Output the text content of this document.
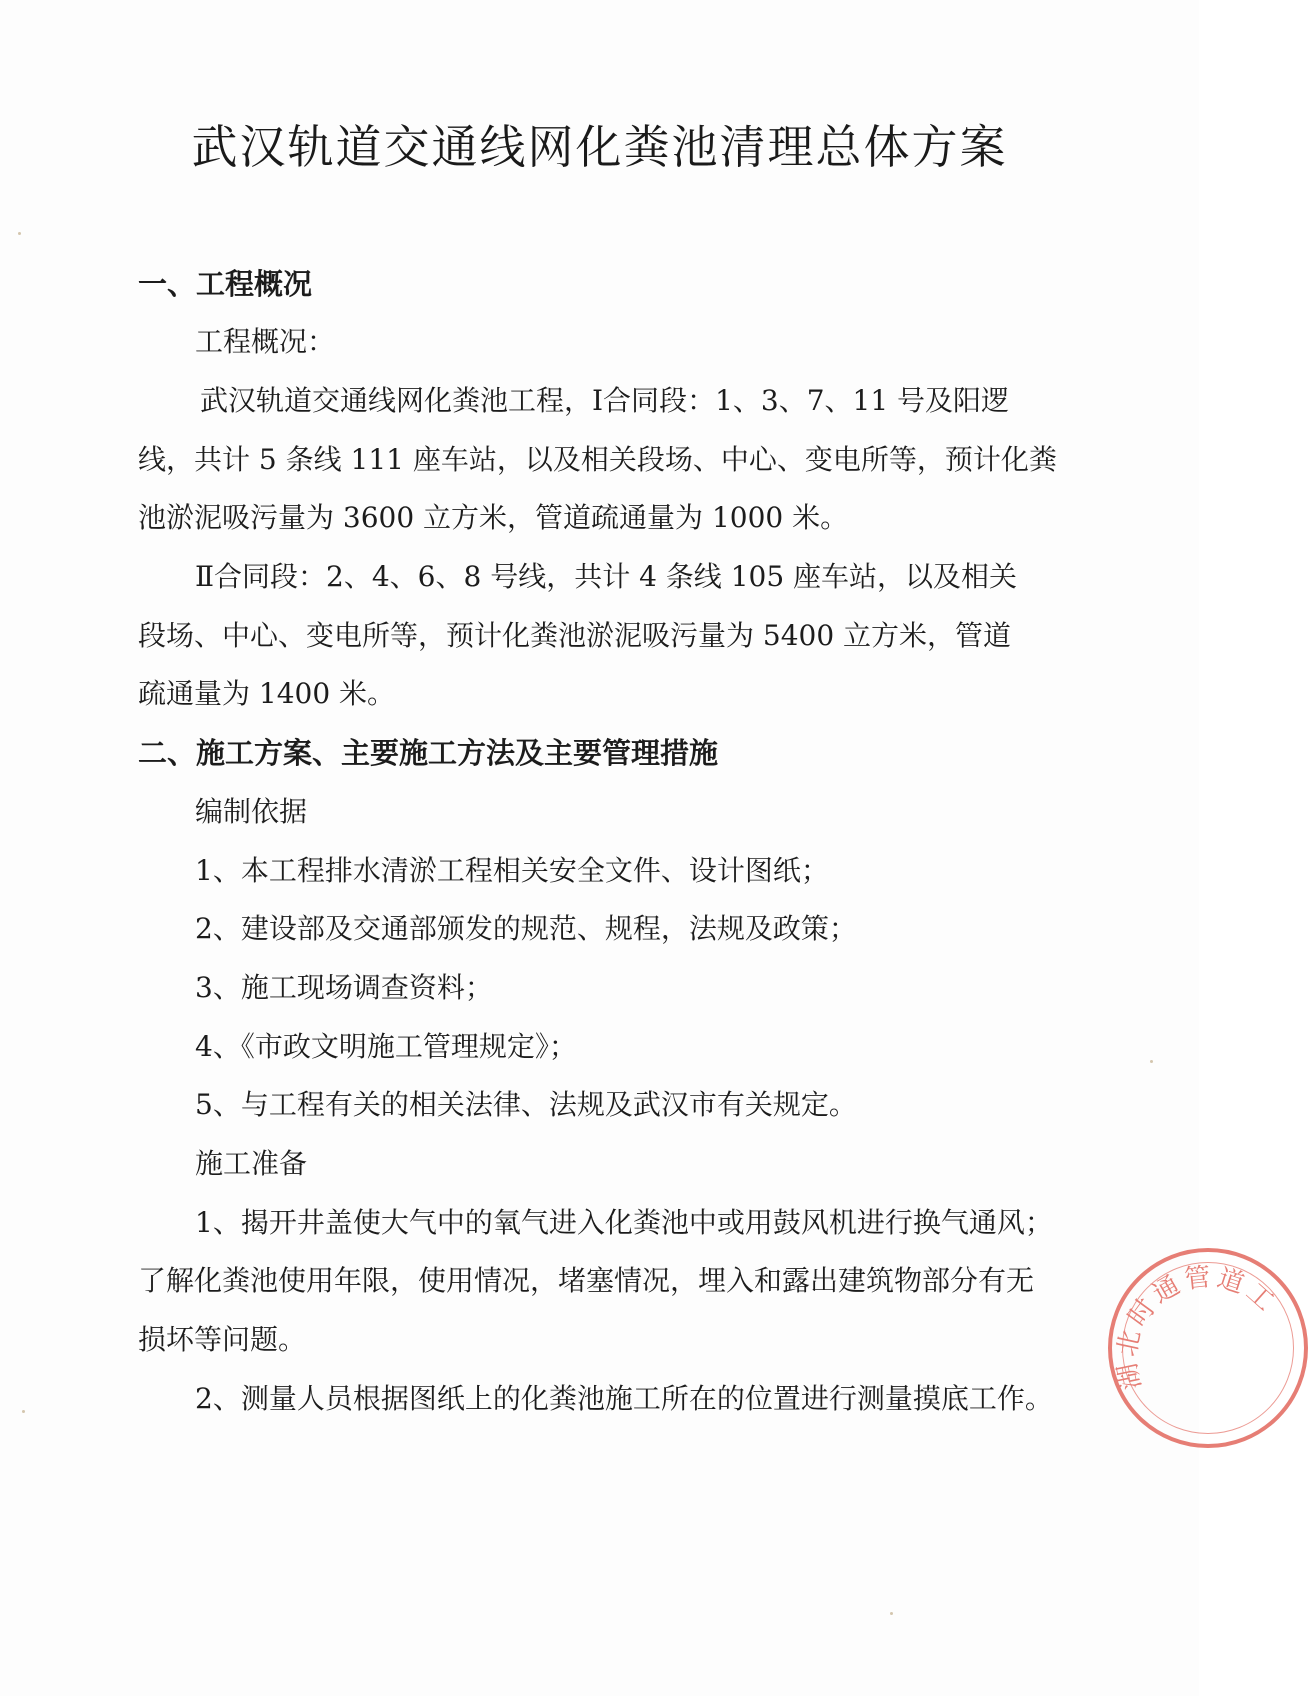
武汉轨道交通线网化粪池清理总体方案
一、工程概况
工程概况：
武汉轨道交通线网化粪池工程，Ⅰ合同段：1、3、7、11 号及阳逻
线，共计 5 条线 111 座车站，以及相关段场、中心、变电所等，预计化粪
池淤泥吸污量为 3600 立方米，管道疏通量为 1000 米。
Ⅱ合同段：2、4、6、8 号线，共计 4 条线 105 座车站，以及相关
段场、中心、变电所等，预计化粪池淤泥吸污量为 5400 立方米，管道
疏通量为 1400 米。
二、施工方案、主要施工方法及主要管理措施
编制依据
1、本工程排水清淤工程相关安全文件、设计图纸；
2、建设部及交通部颁发的规范、规程，法规及政策；
3、施工现场调查资料；
4、《市政文明施工管理规定》；
5、与工程有关的相关法律、法规及武汉市有关规定。
施工准备
1、揭开井盖使大气中的氧气进入化粪池中或用鼓风机进行换气通风；
了解化粪池使用年限，使用情况，堵塞情况，埋入和露出建筑物部分有无
损坏等问题。
2、测量人员根据图纸上的化粪池施工所在的位置进行测量摸底工作。
湖北时通管道工
